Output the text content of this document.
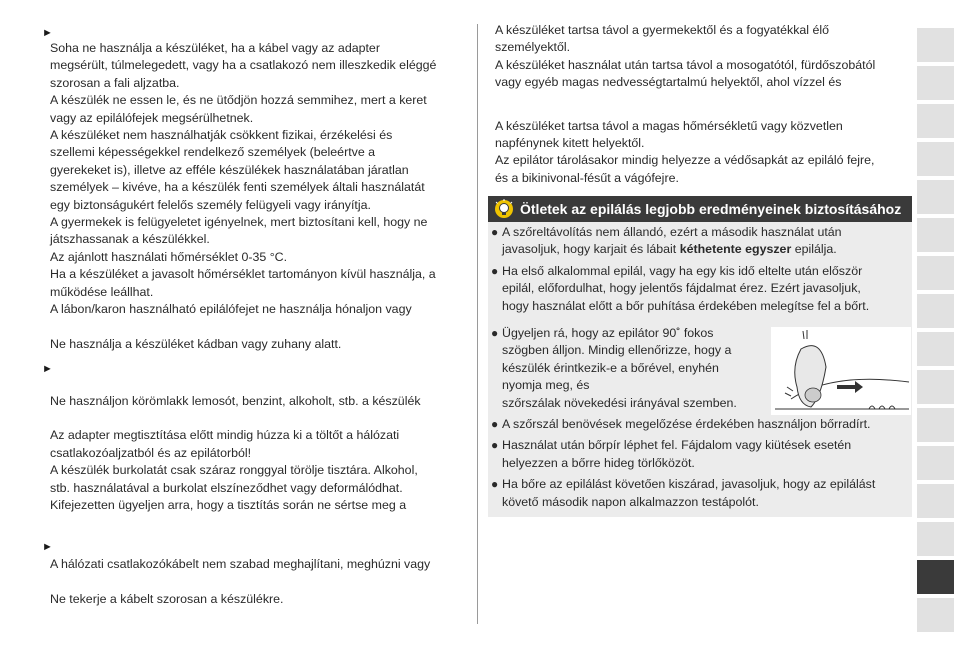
►
Soha ne használja a készüléket, ha a kábel vagy az adapter
megsérült, túlmelegedett, vagy ha a csatlakozó nem illeszkedik eléggé
szorosan a fali aljzatba.
A készülék ne essen le, és ne ütődjön hozzá semmihez, mert a keret
vagy az epilálófejek megsérülhetnek.
A készüléket nem használhatják csökkent fizikai, érzékelési és
szellemi képességekkel rendelkező személyek (beleértve a
gyerekeket is), illetve az efféle készülékek használatában járatlan
személyek – kivéve, ha a készülék fenti személyek általi használatát
egy biztonságukért felelős személy felügyeli vagy irányítja.
A gyermekek is felügyeletet igényelnek, mert biztosítani kell, hogy ne
játszhassanak a készülékkel.
Az ajánlott használati hőmérséklet 0-35 °C.
Ha a készüléket a javasolt hőmérséklet tartományon kívül használja, a
működése leállhat.
A lábon/karon használható epilálófejet ne használja hónaljon vagy
Ne használja a készüléket kádban vagy zuhany alatt.
►
Ne használjon körömlakk lemosót, benzint, alkoholt, stb. a készülék
Az adapter megtisztítása előtt mindig húzza ki a töltőt a hálózati
csatlakozóaljzatból és az epilátorból!
A készülék burkolatát csak száraz ronggyal törölje tisztára. Alkohol,
stb. használatával a burkolat elszíneződhet vagy deformálódhat.
Kifejezetten ügyeljen arra, hogy a tisztítás során ne sértse meg a
►
A hálózati csatlakozókábelt nem szabad meghajlítani, meghúzni vagy
Ne tekerje a kábelt szorosan a készülékre.
A készüléket tartsa távol a gyermekektől és a fogyatékkal élő
személyektől.
A készüléket használat után tartsa távol a mosogatótól, fürdőszobától
vagy egyéb magas nedvességtartalmú helyektől, ahol vízzel és
A készüléket tartsa távol a magas hőmérsékletű vagy közvetlen
napfénynek kitett helyektől.
Az epilátor tárolásakor mindig helyezze a védősapkát az epiláló fejre,
és a bikinivonal-fésűt a vágófejre.
Ötletek az epilálás legjobb eredményeinek biztosításához
● A szőreltávolítás nem állandó, ezért a második használat után
javasoljuk, hogy karjait és lábait kéthetente egyszer epilálja.
● Ha első alkalommal epilál, vagy ha egy kis idő eltelte után először
epilál, előfordulhat, hogy jelentős fájdalmat érez. Ezért javasoljuk,
hogy használat előtt a bőr puhítása érdekében melegítse fel a bőrt.
● Ügyeljen rá, hogy az epilátor 90˚ fokos
szögben álljon. Mindig ellenőrizze, hogy a
készülék érintkezik-e a bőrével, enyhén
nyomja meg, és
szőrszálak növekedési irányával szemben.
● A szőrszál benövések megelőzése érdekében használjon bőrradírt.
● Használat után bőrpír léphet fel. Fájdalom vagy kiütések esetén
helyezzen a bőrre hideg törlőközöt.
● Ha bőre az epilálást követően kiszárad, javasoljuk, hogy az epilálást
követő második napon alkalmazzon testápolót.
